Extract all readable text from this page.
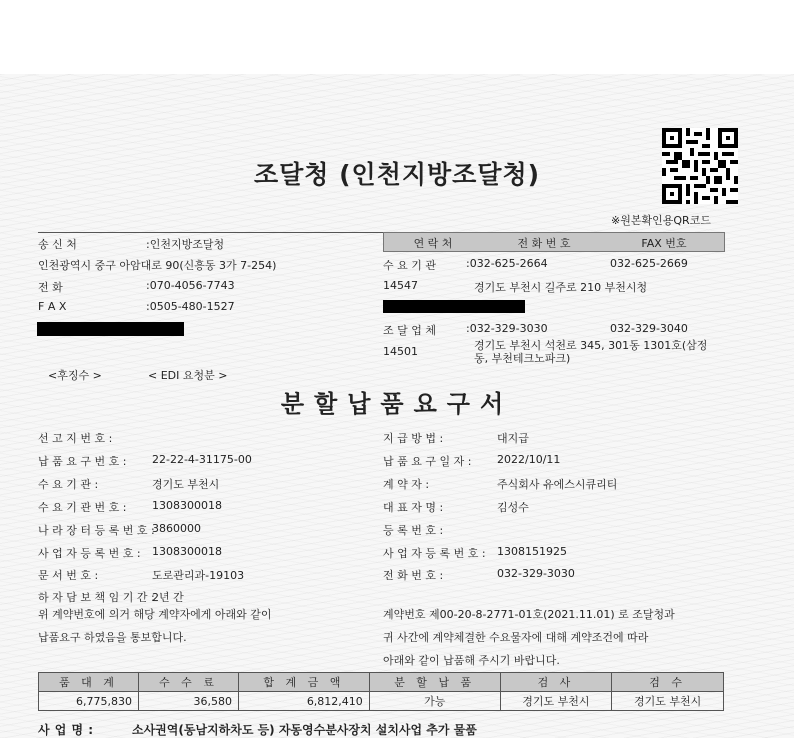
※원본확인용QR코드
조달청 (인천지방조달청)
송 신 처	:인천지방조달청
인천광역시 중구 아암대로 90(신흥동 3가 7-254)
전 화	:070-4056-7743
F A X	:0505-480-1527
연 락 처	전 화 번 호	FAX 번호
수 요 기 관	:032-625-2664	032-625-2669
14547	경기도 부천시 길주로 210 부천시청
조 달 업 체	:032-329-3030	032-329-3040
14501	경기도 부천시 석천로 345, 301동 1301호(삼정
동, 부천테크노파크)
<후징수 >	< EDI 요청분 >
분할납품요구서
선 고 지 번 호 :
납 품 요 구 번 호 : 22-22-4-31175-00
수 요 기 관 :	경기도 부천시
수 요 기 관 번 호 : 1308300018
나 라 장 터 등 록 번 호 :
3860000
사 업 자 등 록 번 호 : 1308300018
문 서 번 호 :	도로관리과-19103
하 자 담 보 책 임 기 간 :
2년 간
지 급 방 법 :	대지급
납 품 요 구 일 자 : 2022/10/11
계 약 자 :	주식회사 유에스시큐리티
대 표 자 명 :	김성수
등 록 번 호 :
사 업 자 등 록 번 호 : 1308151925
전 화 번 호 :	032-329-3030
위 계약번호에 의거 해당 계약자에게 아래와 같이
납품요구 하였음을 통보합니다.
계약번호 제00-20-8-2771-01호(2021.11.01) 로 조달청과
귀 사간에 계약체결한 수요물자에 대해 계약조건에 따라
아래와 같이 납품해 주시기 바랍니다.
품 대 계	수 수 료	합 계 금 액	분 할 납 품	검 사	검 수
6,775,830	36,580	6,812,410	가능	경기도 부천시	경기도 부천시
사 업 명 :	소사권역(동남지하차도 등) 자동영수분사장치 설치사업 추가 물품
